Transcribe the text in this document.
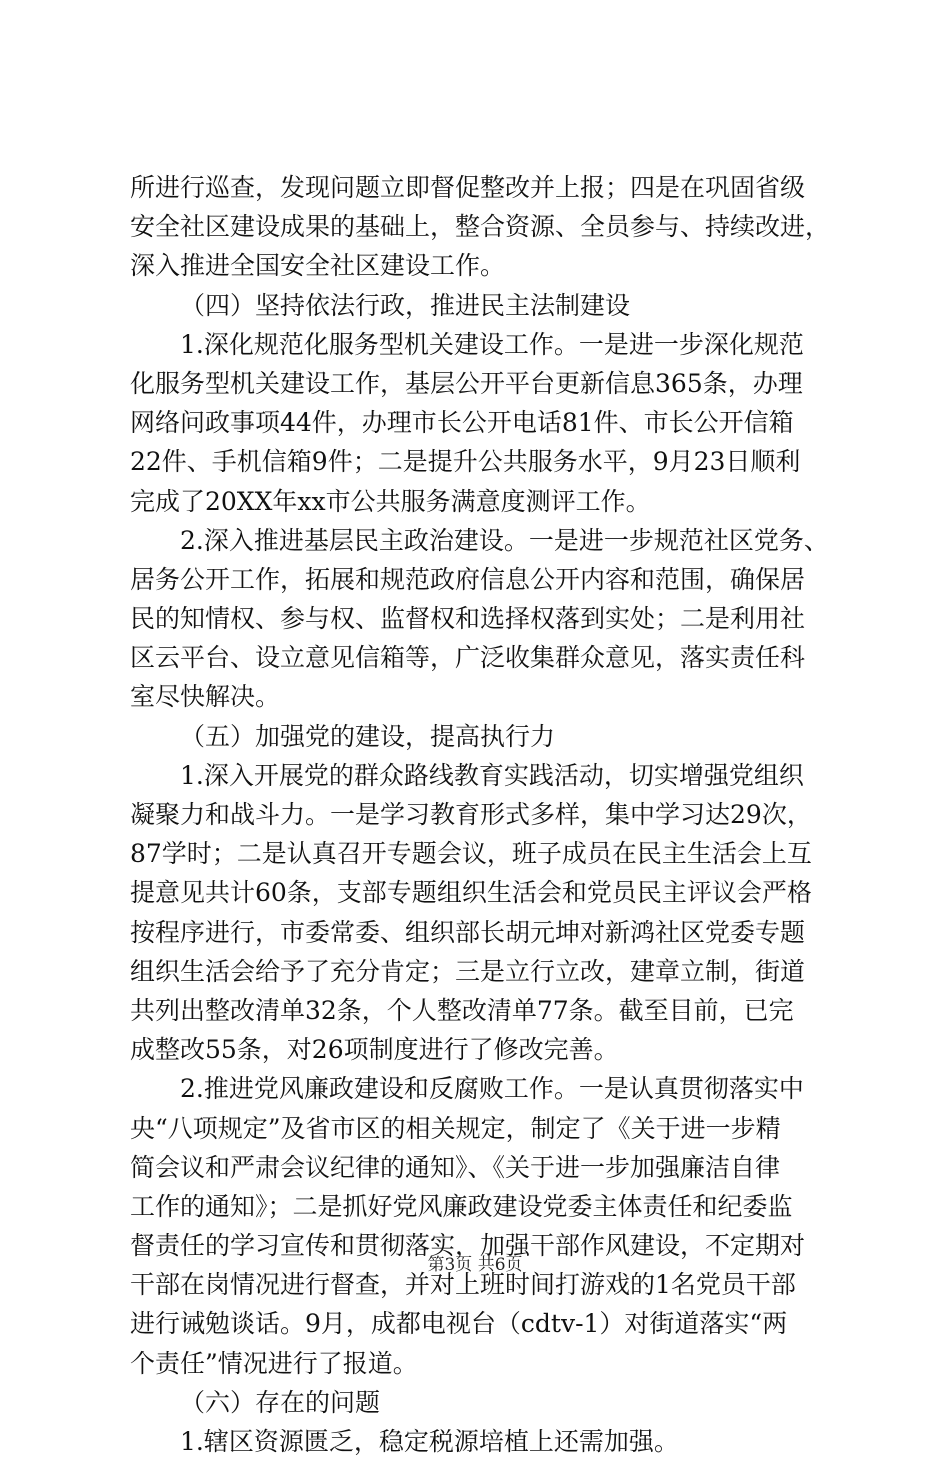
所进行巡查，发现问题立即督促整改并上报；四是在巩固省级
安全社区建设成果的基础上，整合资源、全员参与、持续改进，
深入推进全国安全社区建设工作。
（四）坚持依法行政，推进民主法制建设
1.深化规范化服务型机关建设工作。一是进一步深化规范
化服务型机关建设工作，基层公开平台更新信息365条，办理
网络问政事项44件，办理市长公开电话81件、市长公开信箱
22件、手机信箱9件；二是提升公共服务水平，9月23日顺利
完成了20XX年xx市公共服务满意度测评工作。
2.深入推进基层民主政治建设。一是进一步规范社区党务、
居务公开工作，拓展和规范政府信息公开内容和范围，确保居
民的知情权、参与权、监督权和选择权落到实处；二是利用社
区云平台、设立意见信箱等，广泛收集群众意见，落实责任科
室尽快解决。
（五）加强党的建设，提高执行力
1.深入开展党的群众路线教育实践活动，切实增强党组织
凝聚力和战斗力。一是学习教育形式多样，集中学习达29次，
87学时；二是认真召开专题会议，班子成员在民主生活会上互
提意见共计60条，支部专题组织生活会和党员民主评议会严格
按程序进行，市委常委、组织部长胡元坤对新鸿社区党委专题
组织生活会给予了充分肯定；三是立行立改，建章立制，街道
共列出整改清单32条，个人整改清单77条。截至目前，已完
成整改55条，对26项制度进行了修改完善。
2.推进党风廉政建设和反腐败工作。一是认真贯彻落实中
央“八项规定”及省市区的相关规定，制定了《关于进一步精
简会议和严肃会议纪律的通知》、《关于进一步加强廉洁自律
工作的通知》；二是抓好党风廉政建设党委主体责任和纪委监
督责任的学习宣传和贯彻落实，加强干部作风建设，不定期对
干部在岗情况进行督查，并对上班时间打游戏的1名党员干部
进行诫勉谈话。9月，成都电视台（cdtv-1）对街道落实“两
个责任”情况进行了报道。
（六）存在的问题
1.辖区资源匮乏，稳定税源培植上还需加强。
第3页 共6页
